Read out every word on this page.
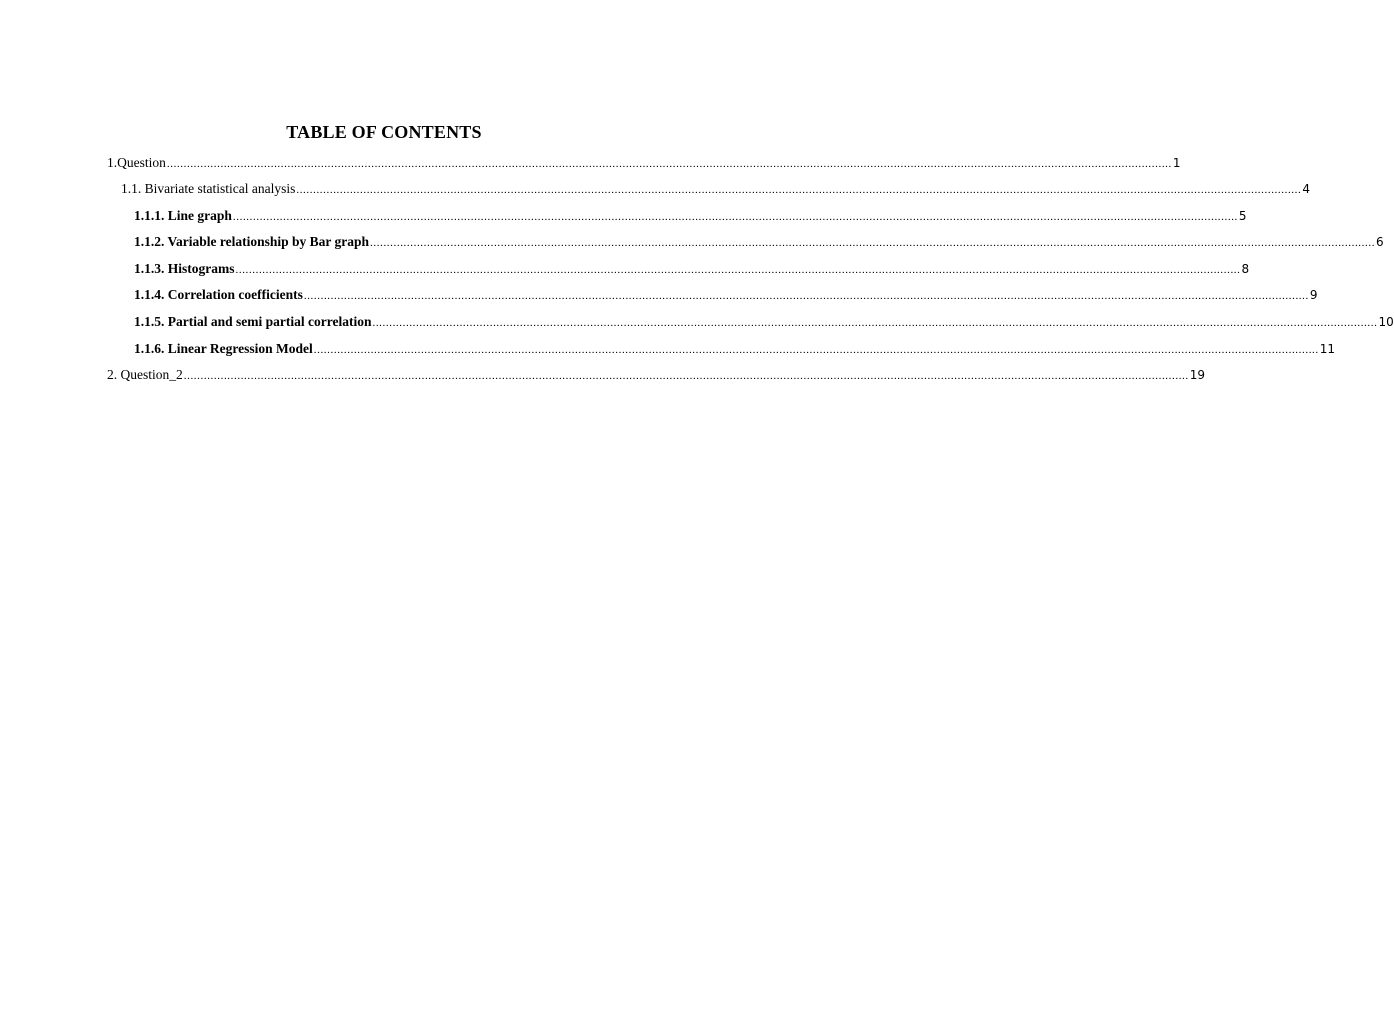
TABLE OF CONTENTS
1. Question ............................................................................................................................................................................................................................................................................................................ 1
1.1. Bivariate statistical analysis ............................................................................................................................................................................................................................................................................................................ 4
1.1.1. Line graph ............................................................................................................................................................................................................................................................................................................ 5
1.1.2. Variable relationship by Bar graph ............................................................................................................................................................................................................................................................................................................ 6
1.1.3. Histograms ............................................................................................................................................................................................................................................................................................................ 8
1.1.4. Correlation coefficients ............................................................................................................................................................................................................................................................................................................ 9
1.1.5. Partial and semi partial correlation ............................................................................................................................................................................................................................................................................................................ 10
1.1.6. Linear Regression Model ............................................................................................................................................................................................................................................................................................................ 11
2. Question_2 ............................................................................................................................................................................................................................................................................................................ 19
